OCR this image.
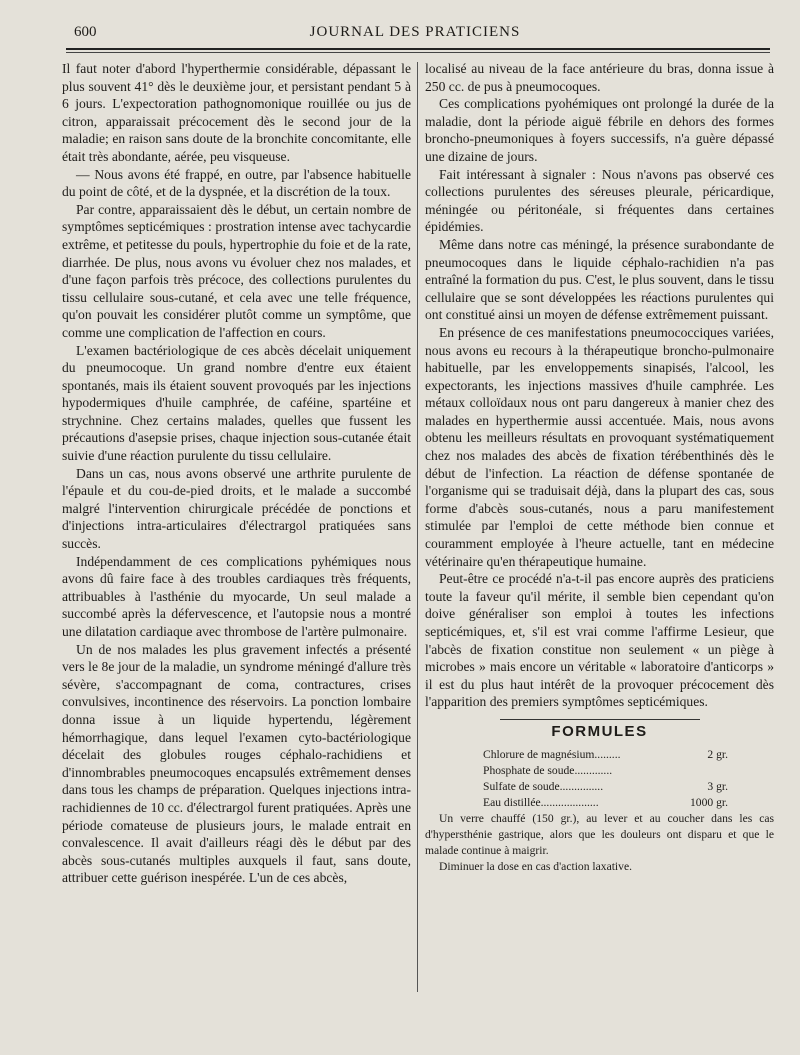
600	JOURNAL DES PRATICIENS

Il faut noter d'abord l'hyperthermie considérable, dépassant le plus souvent 41° dès le deuxième jour, et persistant pendant 5 à 6 jours. L'expectoration pathognomonique rouillée ou jus de citron, apparaissait précocement dès le second jour de la maladie; en raison sans doute de la bronchite concomitante, elle était très abondante, aérée, peu visqueuse.

— Nous avons été frappé, en outre, par l'absence habituelle du point de côté, et de la dyspnée, et la discrétion de la toux.

Par contre, apparaissaient dès le début, un certain nombre de symptômes septicémiques : prostration intense avec tachycardie extrême, et petitesse du pouls, hypertrophie du foie et de la rate, diarrhée. De plus, nous avons vu évoluer chez nos malades, et d'une façon parfois très précoce, des collections purulentes du tissu cellulaire sous-cutané, et cela avec une telle fréquence, qu'on pouvait les considérer plutôt comme un symptôme, que comme une complication de l'affection en cours.

L'examen bactériologique de ces abcès décelait uniquement du pneumocoque. Un grand nombre d'entre eux étaient spontanés, mais ils étaient souvent provoqués par les injections hypodermiques d'huile camphrée, de caféine, spartéine et strychnine. Chez certains malades, quelles que fussent les précautions d'asepsie prises, chaque injection sous-cutanée était suivie d'une réaction purulente du tissu cellulaire.

Dans un cas, nous avons observé une arthrite purulente de l'épaule et du cou-de-pied droits, et le malade a succombé malgré l'intervention chirurgicale précédée de ponctions et d'injections intra-articulaires d'électrargol pratiquées sans succès.

Indépendamment de ces complications pyhémiques nous avons dû faire face à des troubles cardiaques très fréquents, attribuables à l'asthénie du myocarde, Un seul malade a succombé après la défervescence, et l'autopsie nous a montré une dilatation cardiaque avec thrombose de l'artère pulmonaire.

Un de nos malades les plus gravement infectés a présenté vers le 8e jour de la maladie, un syndrome méningé d'allure très sévère, s'accompagnant de coma, contractures, crises convulsives, incontinence des réservoirs. La ponction lombaire donna issue à un liquide hypertendu, légèrement hémorrhagique, dans lequel l'examen cyto-bactériologique décelait des globules rouges céphalo-rachidiens et d'innombrables pneumocoques encapsulés extrêmement denses dans tous les champs de préparation. Quelques injections intra-rachidiennes de 10 cc. d'électrargol furent pratiquées. Après une période comateuse de plusieurs jours, le malade entrait en convalescence. Il avait d'ailleurs réagi dès le début par des abcès sous-cutanés multiples auxquels il faut, sans doute, attribuer cette guérison inespérée. L'un de ces abcès,

localisé au niveau de la face antérieure du bras, donna issue à 250 cc. de pus à pneumocoques.

Ces complications pyohémiques ont prolongé la durée de la maladie, dont la période aiguë fébrile en dehors des formes broncho-pneumoniques à foyers successifs, n'a guère dépassé une dizaine de jours.

Fait intéressant à signaler : Nous n'avons pas observé ces collections purulentes des séreuses pleurale, péricardique, méningée ou péritonéale, si fréquentes dans certaines épidémies.

Même dans notre cas méningé, la présence surabondante de pneumocoques dans le liquide céphalo-rachidien n'a pas entraîné la formation du pus. C'est, le plus souvent, dans le tissu cellulaire que se sont développées les réactions purulentes qui ont constitué ainsi un moyen de défense extrêmement puissant.

En présence de ces manifestations pneumococciques variées, nous avons eu recours à la thérapeutique broncho-pulmonaire habituelle, par les enveloppements sinapisés, l'alcool, les expectorants, les injections massives d'huile camphrée. Les métaux colloïdaux nous ont paru dangereux à manier chez des malades en hyperthermie aussi accentuée. Mais, nous avons obtenu les meilleurs résultats en provoquant systématiquement chez nos malades des abcès de fixation térébenthinés dès le début de l'infection. La réaction de défense spontanée de l'organisme qui se traduisait déjà, dans la plupart des cas, sous forme d'abcès sous-cutanés, nous a paru manifestement stimulée par l'emploi de cette méthode bien connue et couramment employée à l'heure actuelle, tant en médecine vétérinaire qu'en thérapeutique humaine.

Peut-être ce procédé n'a-t-il pas encore auprès des praticiens toute la faveur qu'il mérite, il semble bien cependant qu'on doive généraliser son emploi à toutes les infections septicémiques, et, s'il est vrai comme l'affirme Lesieur, que l'abcès de fixation constitue non seulement « un piège à microbes » mais encore un véritable « laboratoire d'anticorps » il est du plus haut intérêt de la provoquer précocement dès l'apparition des premiers symptômes septicémiques.

FORMULES
Chlorure de magnésium.........	2 gr.
Phosphate de soude.............
Sulfate de soude...............	3 gr.
Eau distillée....................	1000 gr.

Un verre chauffé (150 gr.), au lever et au coucher dans les cas d'hypersthénie gastrique, alors que les douleurs ont disparu et que le malade continue à maigrir.

Diminuer la dose en cas d'action laxative.
